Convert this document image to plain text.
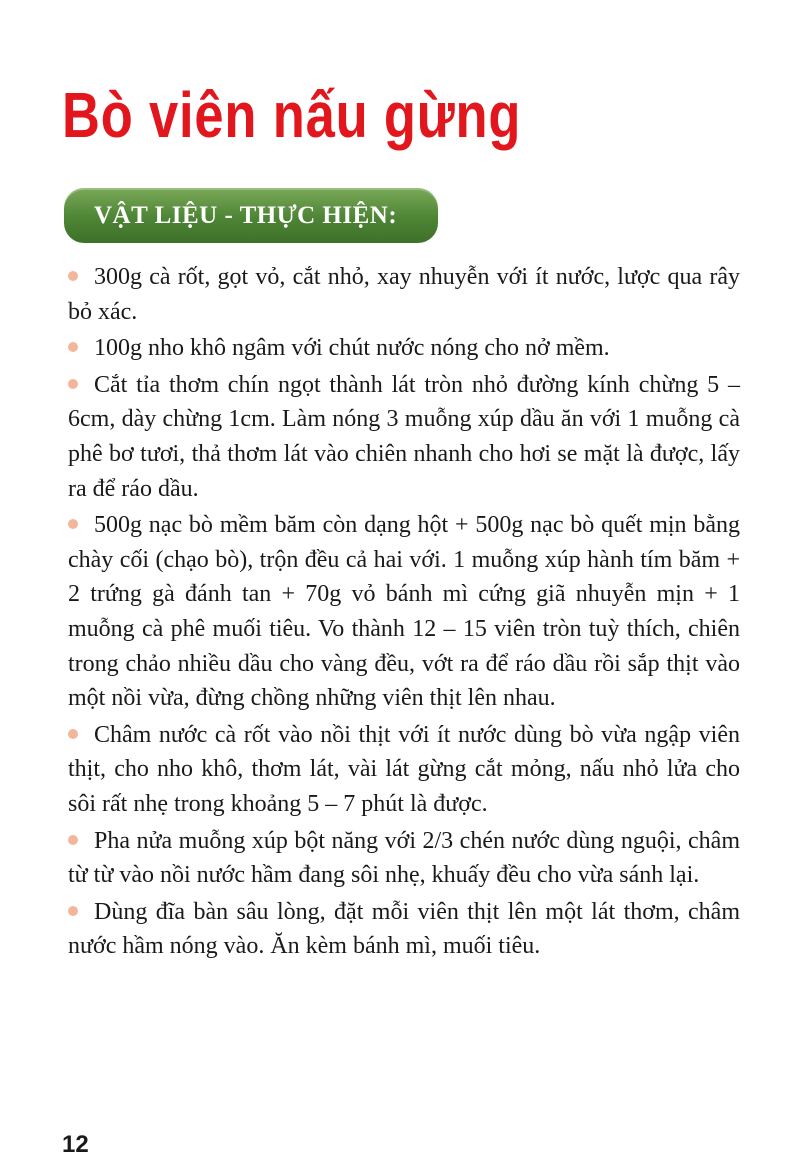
Bò viên nấu gừng
VẬT LIỆU - THỰC HIỆN:
300g cà rốt, gọt vỏ, cắt nhỏ, xay nhuyễn với ít nước, lược qua rây bỏ xác.
100g nho khô ngâm với chút nước nóng cho nở mềm.
Cắt tỉa thơm chín ngọt thành lát tròn nhỏ đường kính chừng 5 – 6cm, dày chừng 1cm. Làm nóng 3 muỗng xúp dầu ăn với 1 muỗng cà phê bơ tươi, thả thơm lát vào chiên nhanh cho hơi se mặt là được, lấy ra để ráo dầu.
500g nạc bò mềm băm còn dạng hột + 500g nạc bò quết mịn bằng chày cối (chạo bò), trộn đều cả hai với. 1 muỗng xúp hành tím băm + 2 trứng gà đánh tan + 70g vỏ bánh mì cứng giã nhuyễn mịn + 1 muỗng cà phê muối tiêu. Vo thành 12 – 15 viên tròn tuỳ thích, chiên trong chảo nhiều dầu cho vàng đều, vớt ra để ráo dầu rồi sắp thịt vào một nồi vừa, đừng chồng những viên thịt lên nhau.
Châm nước cà rốt vào nồi thịt với ít nước dùng bò vừa ngập viên thịt, cho nho khô, thơm lát, vài lát gừng cắt mỏng, nấu nhỏ lửa cho sôi rất nhẹ trong khoảng 5 – 7 phút là được.
Pha nửa muỗng xúp bột năng với 2/3 chén nước dùng nguội, châm từ từ vào nồi nước hầm đang sôi nhẹ, khuấy đều cho vừa sánh lại.
Dùng đĩa bàn sâu lòng, đặt mỗi viên thịt lên một lát thơm, châm nước hầm nóng vào. Ăn kèm bánh mì, muối tiêu.
12
